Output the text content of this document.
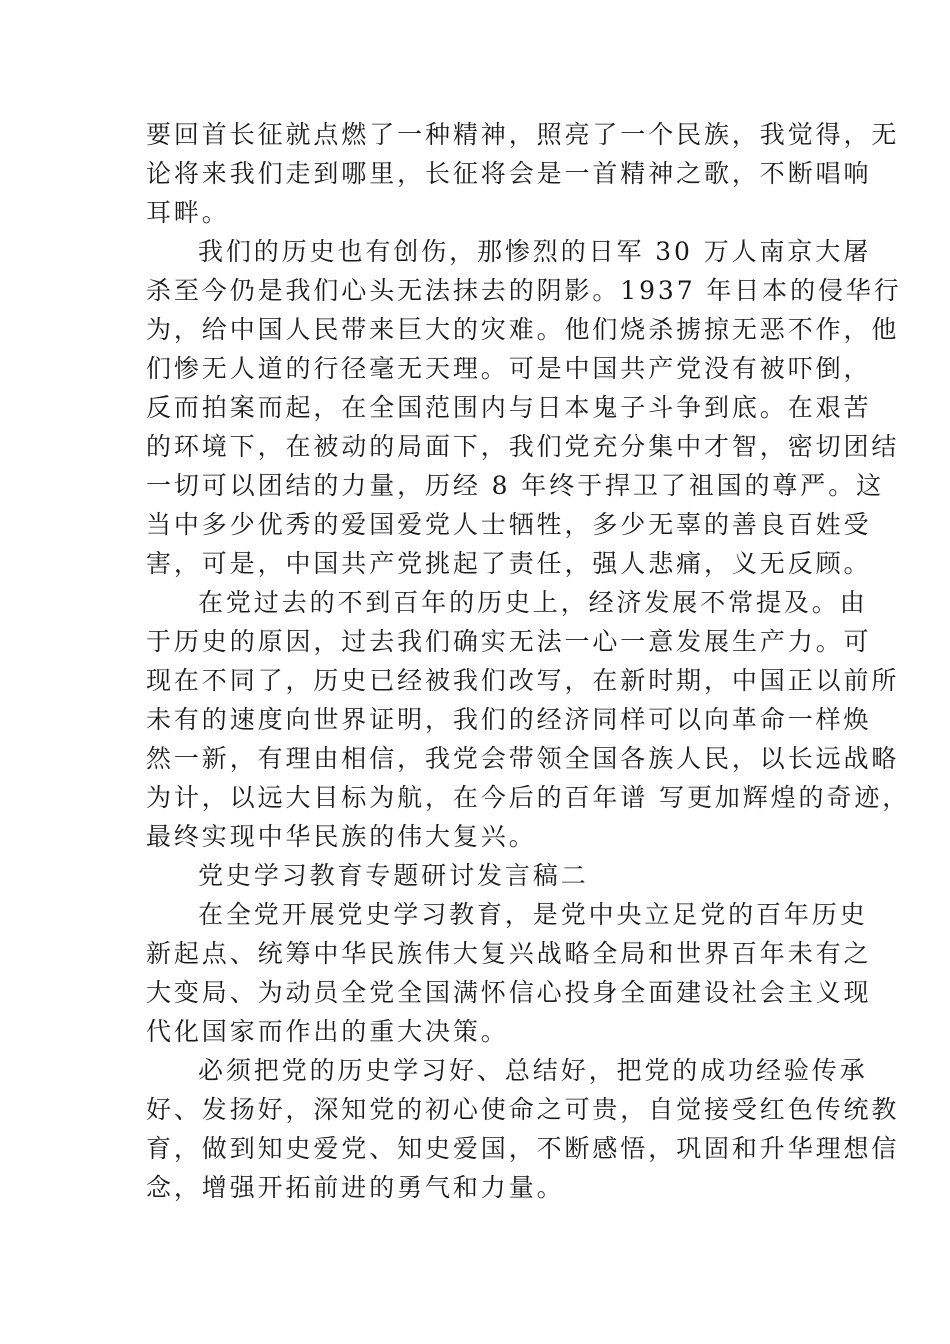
要回首长征就点燃了一种精神，照亮了一个民族，我觉得，无
论将来我们走到哪里，长征将会是一首精神之歌，不断唱响
耳畔。
我们的历史也有创伤，那惨烈的日军 30 万人南京大屠
杀至今仍是我们心头无法抹去的阴影。1937 年日本的侵华行
为，给中国人民带来巨大的灾难。他们烧杀掳掠无恶不作，他
们惨无人道的行径毫无天理。可是中国共产党没有被吓倒，
反而拍案而起，在全国范围内与日本鬼子斗争到底。在艰苦
的环境下，在被动的局面下，我们党充分集中才智，密切团结
一切可以团结的力量，历经 8 年终于捍卫了祖国的尊严。这
当中多少优秀的爱国爱党人士牺牲，多少无辜的善良百姓受
害，可是，中国共产党挑起了责任，强人悲痛，义无反顾。
在党过去的不到百年的历史上，经济发展不常提及。由
于历史的原因，过去我们确实无法一心一意发展生产力。可
现在不同了，历史已经被我们改写，在新时期，中国正以前所
未有的速度向世界证明，我们的经济同样可以向革命一样焕
然一新，有理由相信，我党会带领全国各族人民，以长远战略
为计，以远大目标为航，在今后的百年谱 写更加辉煌的奇迹，
最终实现中华民族的伟大复兴。
党史学习教育专题研讨发言稿二
在全党开展党史学习教育，是党中央立足党的百年历史
新起点、统筹中华民族伟大复兴战略全局和世界百年未有之
大变局、为动员全党全国满怀信心投身全面建设社会主义现
代化国家而作出的重大决策。
必须把党的历史学习好、总结好，把党的成功经验传承
好、发扬好，深知党的初心使命之可贵，自觉接受红色传统教
育，做到知史爱党、知史爱国，不断感悟，巩固和升华理想信
念，增强开拓前进的勇气和力量。
